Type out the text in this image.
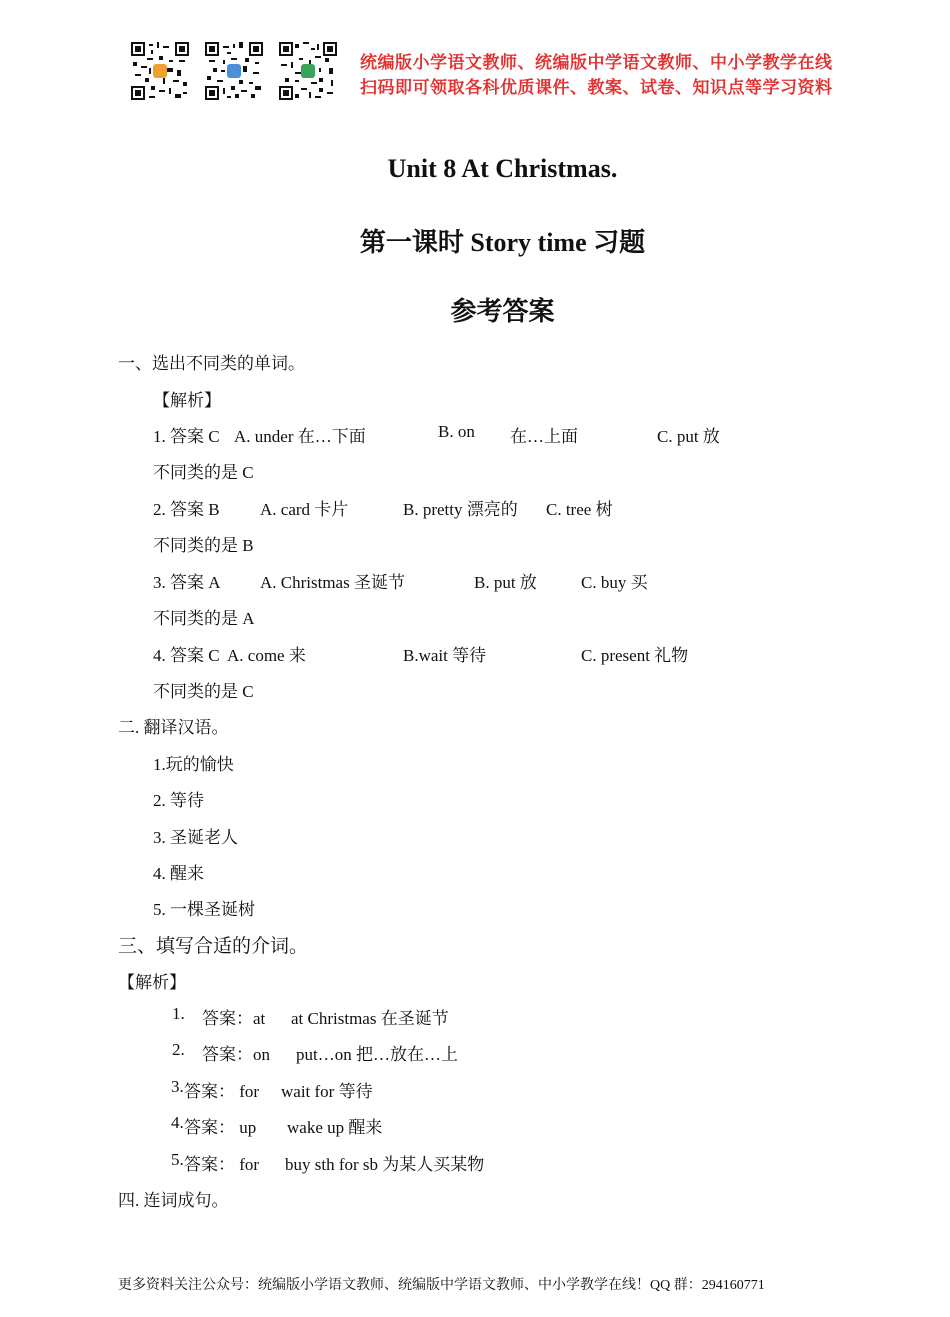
统编版小学语文教师、统编版中学语文教师、中小学教学在线
扫码即可领取各科优质课件、教案、试卷、知识点等学习资料
Unit 8 At Christmas.
第一课时 Story time 习题
参考答案
一、选出不同类的单词。
【解析】
1. 答案 C A. under 在…下面	B. on 在…上面	C. put 放
不同类的是 C
2. 答案 B A. card 卡片	B. pretty 漂亮的 C. tree 树
不同类的是 B
3. 答案 A A. Christmas 圣诞节	B. put 放	C. buy 买
不同类的是 A
4. 答案 C A. come 来	B.wait 等待	C. present 礼物
不同类的是 C
二. 翻译汉语。
1.玩的愉快
2. 等待
3. 圣诞老人
4. 醒来
5. 一棵圣诞树
三、填写合适的介词。
【解析】
1. 答案：at at Christmas 在圣诞节
2. 答案：on put…on 把…放在…上
3. 答案： for wait for 等待
4. 答案： up wake up 醒来
5. 答案： for buy sth for sb 为某人买某物
四. 连词成句。
更多资料关注公众号：统编版小学语文教师、统编版中学语文教师、中小学教学在线！QQ 群：294160771
